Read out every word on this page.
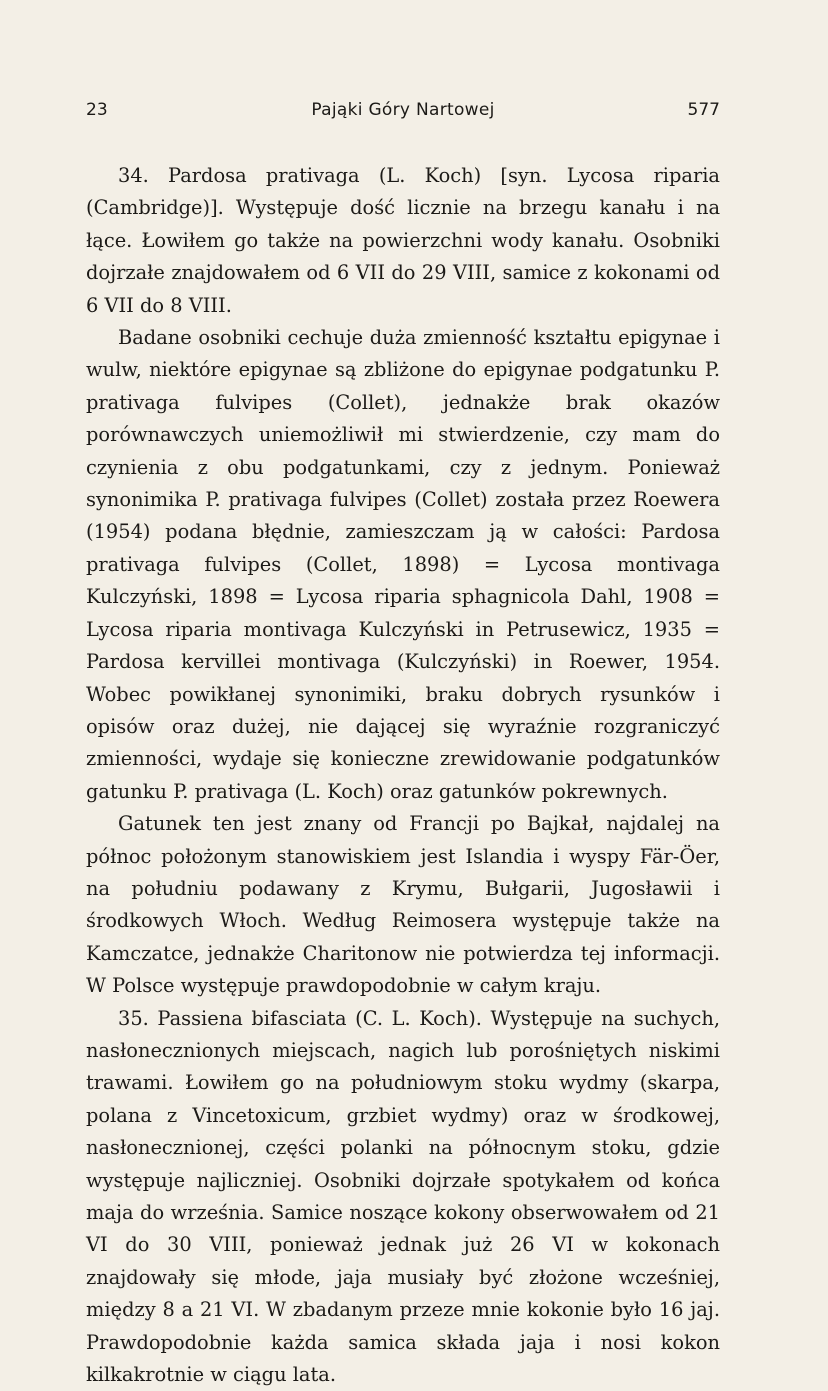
23	Pająki Góry Nartowej	577

34. Pardosa prativaga (L. Koch) [syn. Lycosa riparia (Cambridge)]. Występuje dość licznie na brzegu kanału i na łące. Łowiłem go także na powierzchni wody kanału. Osobniki dojrzałe znajdowałem od 6 VII do 29 VIII, samice z kokonami od 6 VII do 8 VIII.

Badane osobniki cechuje duża zmienność kształtu epigynae i wulw, niektóre epigynae są zbliżone do epigynae podgatunku P. prativaga fulvipes (Collet), jednakże brak okazów porównawczych uniemożliwił mi stwierdzenie, czy mam do czynienia z obu podgatunkami, czy z jednym. Ponieważ synonimika P. prativaga fulvipes (Collet) została przez Roewera (1954) podana błędnie, zamieszczam ją w całości: Pardosa prativaga fulvipes (Collet, 1898) = Lycosa montivaga Kulczyński, 1898 = Lycosa riparia sphagnicola Dahl, 1908 = Lycosa riparia montivaga Kulczyński in Petrusewicz, 1935 = Pardosa kervillei montivaga (Kulczyński) in Roewer, 1954. Wobec powikłanej synonimiki, braku dobrych rysunków i opisów oraz dużej, nie dającej się wyraźnie rozgraniczyć zmienności, wydaje się konieczne zrewidowanie podgatunków gatunku P. prativaga (L. Koch) oraz gatunków pokrewnych.

Gatunek ten jest znany od Francji po Bajkał, najdalej na północ położonym stanowiskiem jest Islandia i wyspy Fär-Öer, na południu podawany z Krymu, Bułgarii, Jugosławii i środkowych Włoch. Według Reimosera występuje także na Kamczatce, jednakże Charitonow nie potwierdza tej informacji. W Polsce występuje prawdopodobnie w całym kraju.

35. Passiena bifasciata (C. L. Koch). Występuje na suchych, nasłonecznionych miejscach, nagich lub porośniętych niskimi trawami. Łowiłem go na południowym stoku wydmy (skarpa, polana z Vincetoxicum, grzbiet wydmy) oraz w środkowej, nasłonecznionej, części polanki na północnym stoku, gdzie występuje najliczniej. Osobniki dojrzałe spotykałem od końca maja do września. Samice noszące kokony obserwowałem od 21 VI do 30 VIII, ponieważ jednak już 26 VI w kokonach znajdowały się młode, jaja musiały być złożone wcześniej, między 8 a 21 VI. W zbadanym przeze mnie kokonie było 16 jaj. Prawdopodobnie każda samica składa jaja i nosi kokon kilkakrotnie w ciągu lata.
